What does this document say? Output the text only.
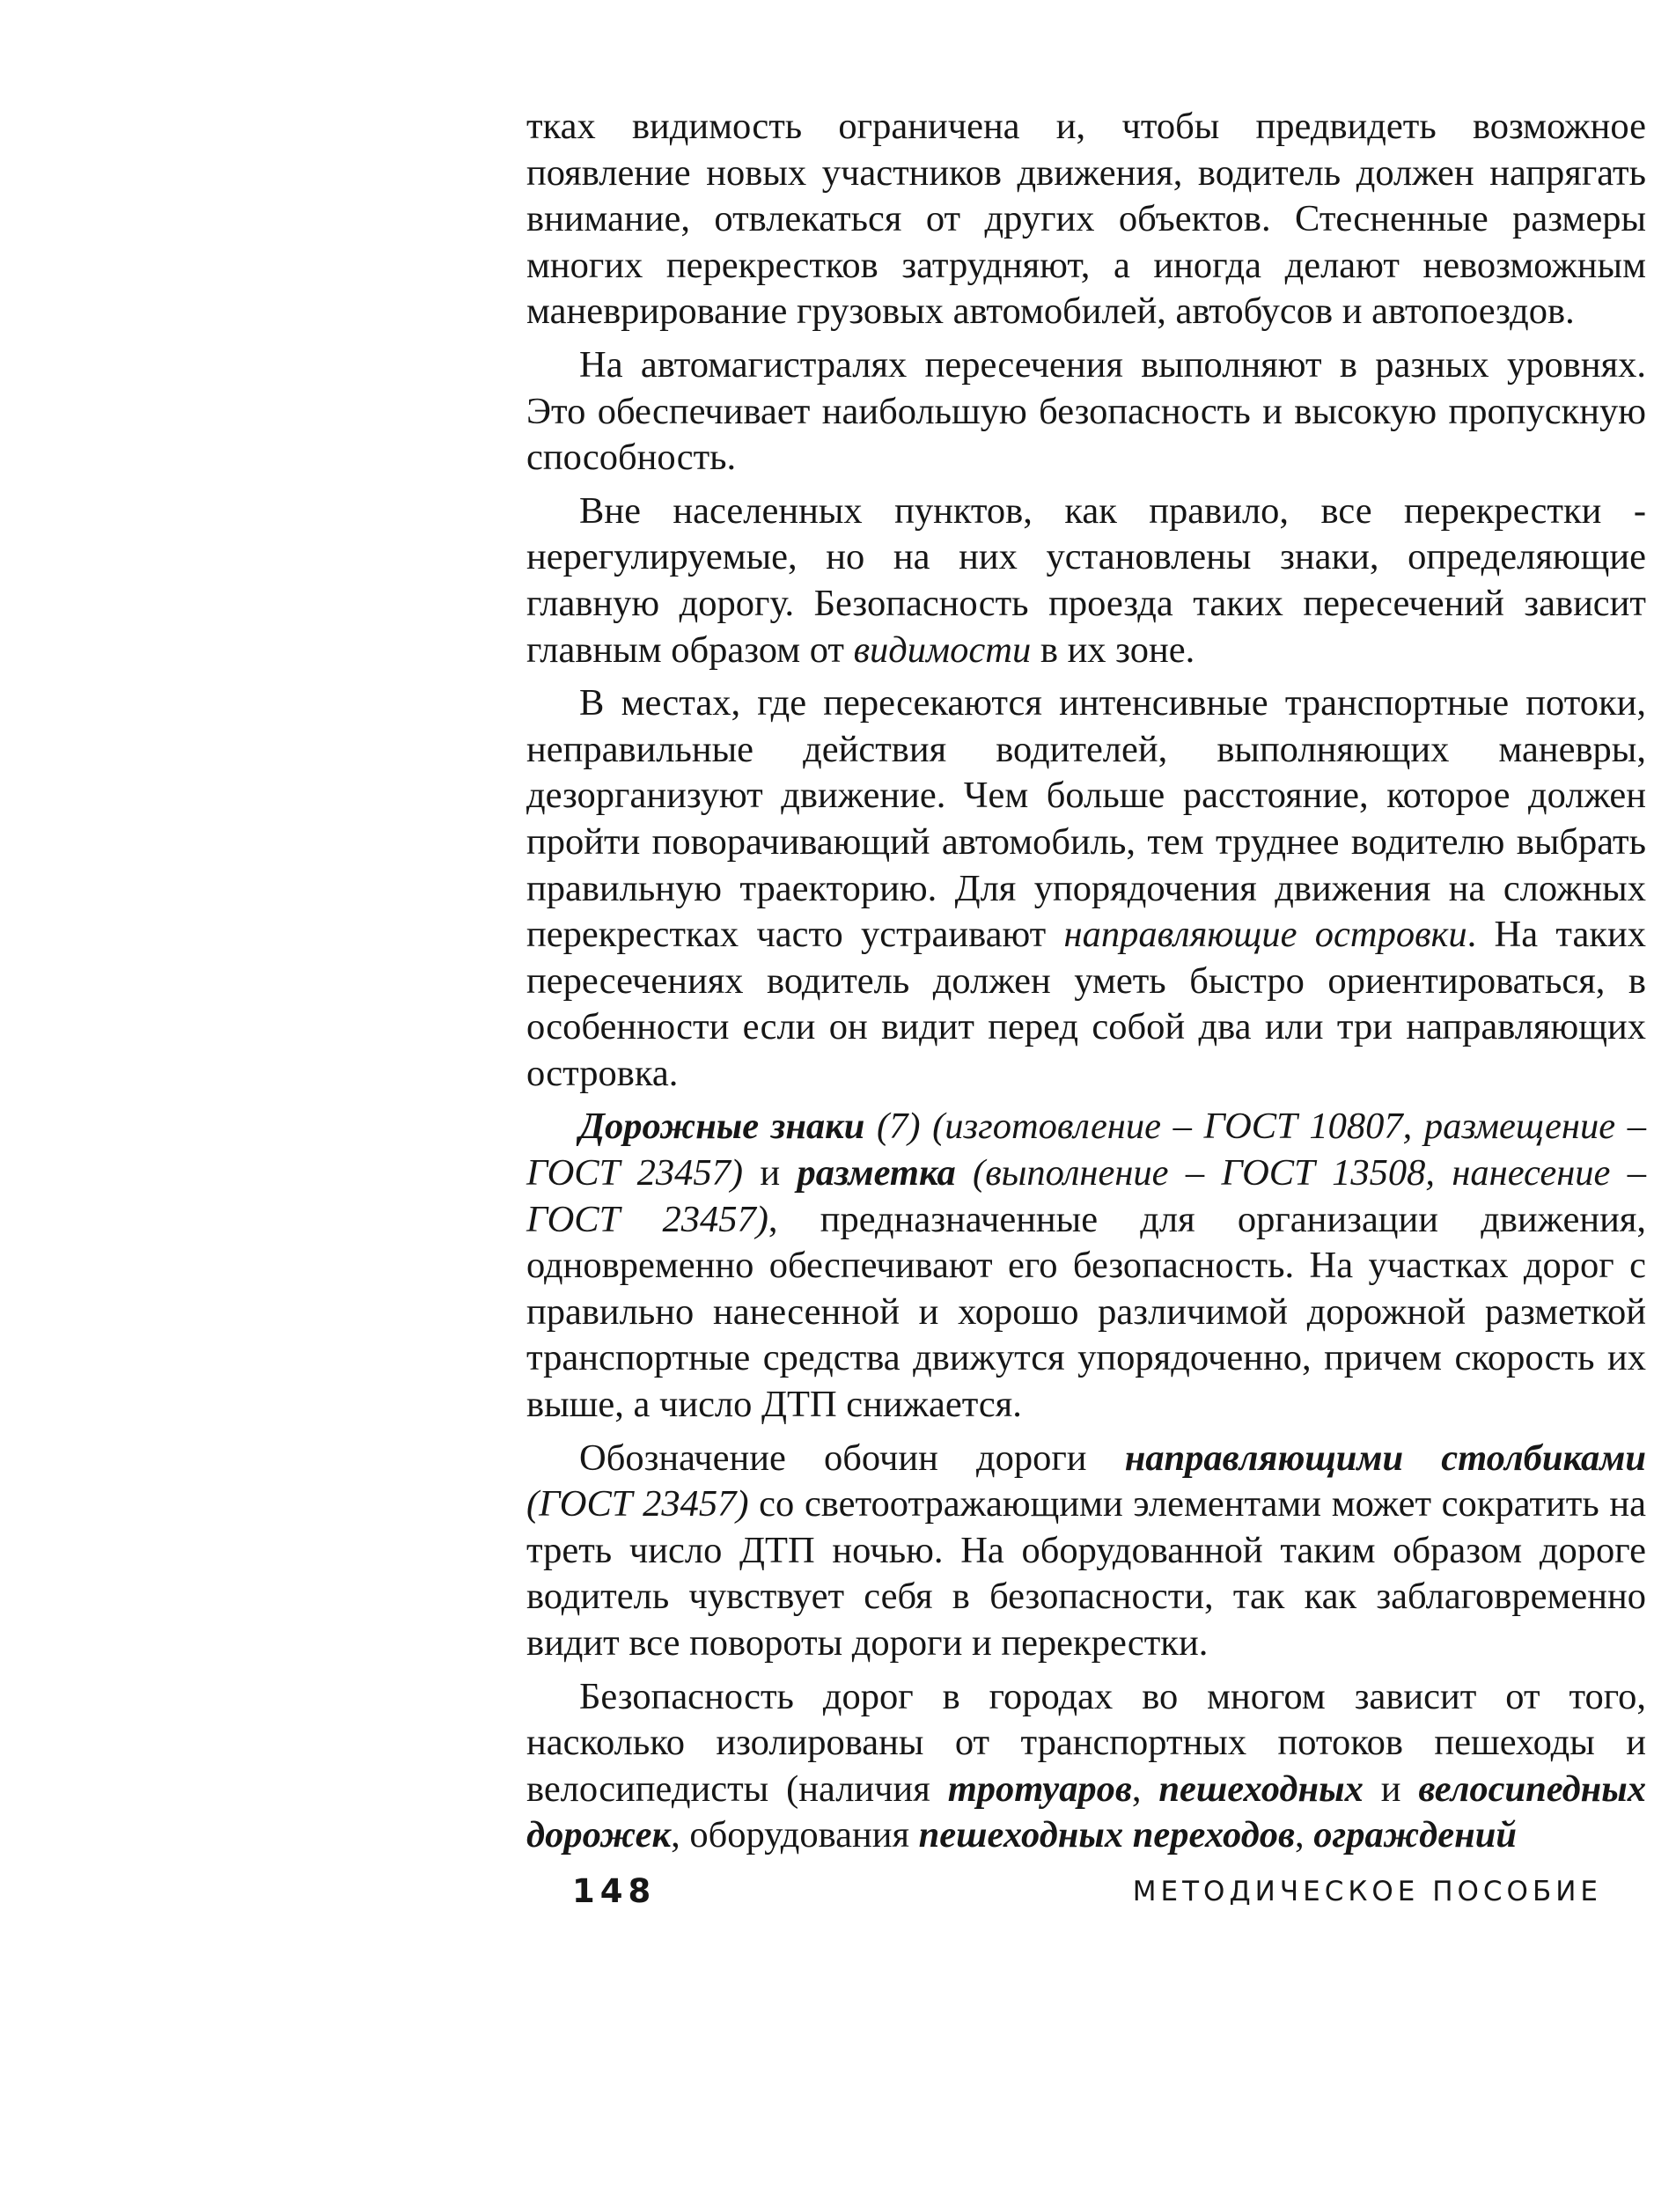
тках видимость ограничена и, чтобы предвидеть возможное появление новых участников движения, водитель должен напрягать внимание, отвлекаться от других объектов. Стесненные размеры многих перекрестков затрудняют, а иногда делают невозможным маневрирование грузовых автомобилей, автобусов и автопоездов.

На автомагистралях пересечения выполняют в разных уровнях. Это обеспечивает наибольшую безопасность и высокую пропускную способность.

Вне населенных пунктов, как правило, все перекрестки - нерегулируемые, но на них установлены знаки, определяющие главную дорогу. Безопасность проезда таких пересечений зависит главным образом от видимости в их зоне.

В местах, где пересекаются интенсивные транспортные потоки, неправильные действия водителей, выполняющих маневры, дезорганизуют движение. Чем больше расстояние, которое должен пройти поворачивающий автомобиль, тем труднее водителю выбрать правильную траекторию. Для упорядочения движения на сложных перекрестках часто устраивают направляющие островки. На таких пересечениях водитель должен уметь быстро ориентироваться, в особенности если он видит перед собой два или три направляющих островка.

Дорожные знаки (7) (изготовление – ГОСТ 10807, размещение – ГОСТ 23457) и разметка (выполнение – ГОСТ 13508, нанесение – ГОСТ 23457), предназначенные для организации движения, одновременно обеспечивают его безопасность. На участках дорог с правильно нанесенной и хорошо различимой дорожной разметкой транспортные средства движутся упорядоченно, причем скорость их выше, а число ДТП снижается.

Обозначение обочин дороги направляющими столбиками (ГОСТ 23457) со светоотражающими элементами может сократить на треть число ДТП ночью. На оборудованной таким образом дороге водитель чувствует себя в безопасности, так как заблаговременно видит все повороты дороги и перекрестки.

Безопасность дорог в городах во многом зависит от того, насколько изолированы от транспортных потоков пешеходы и велосипедисты (наличия тротуаров, пешеходных и велосипедных дорожек, оборудования пешеходных переходов, ограждений

148	МЕТОДИЧЕСКОЕ ПОСОБИЕ
